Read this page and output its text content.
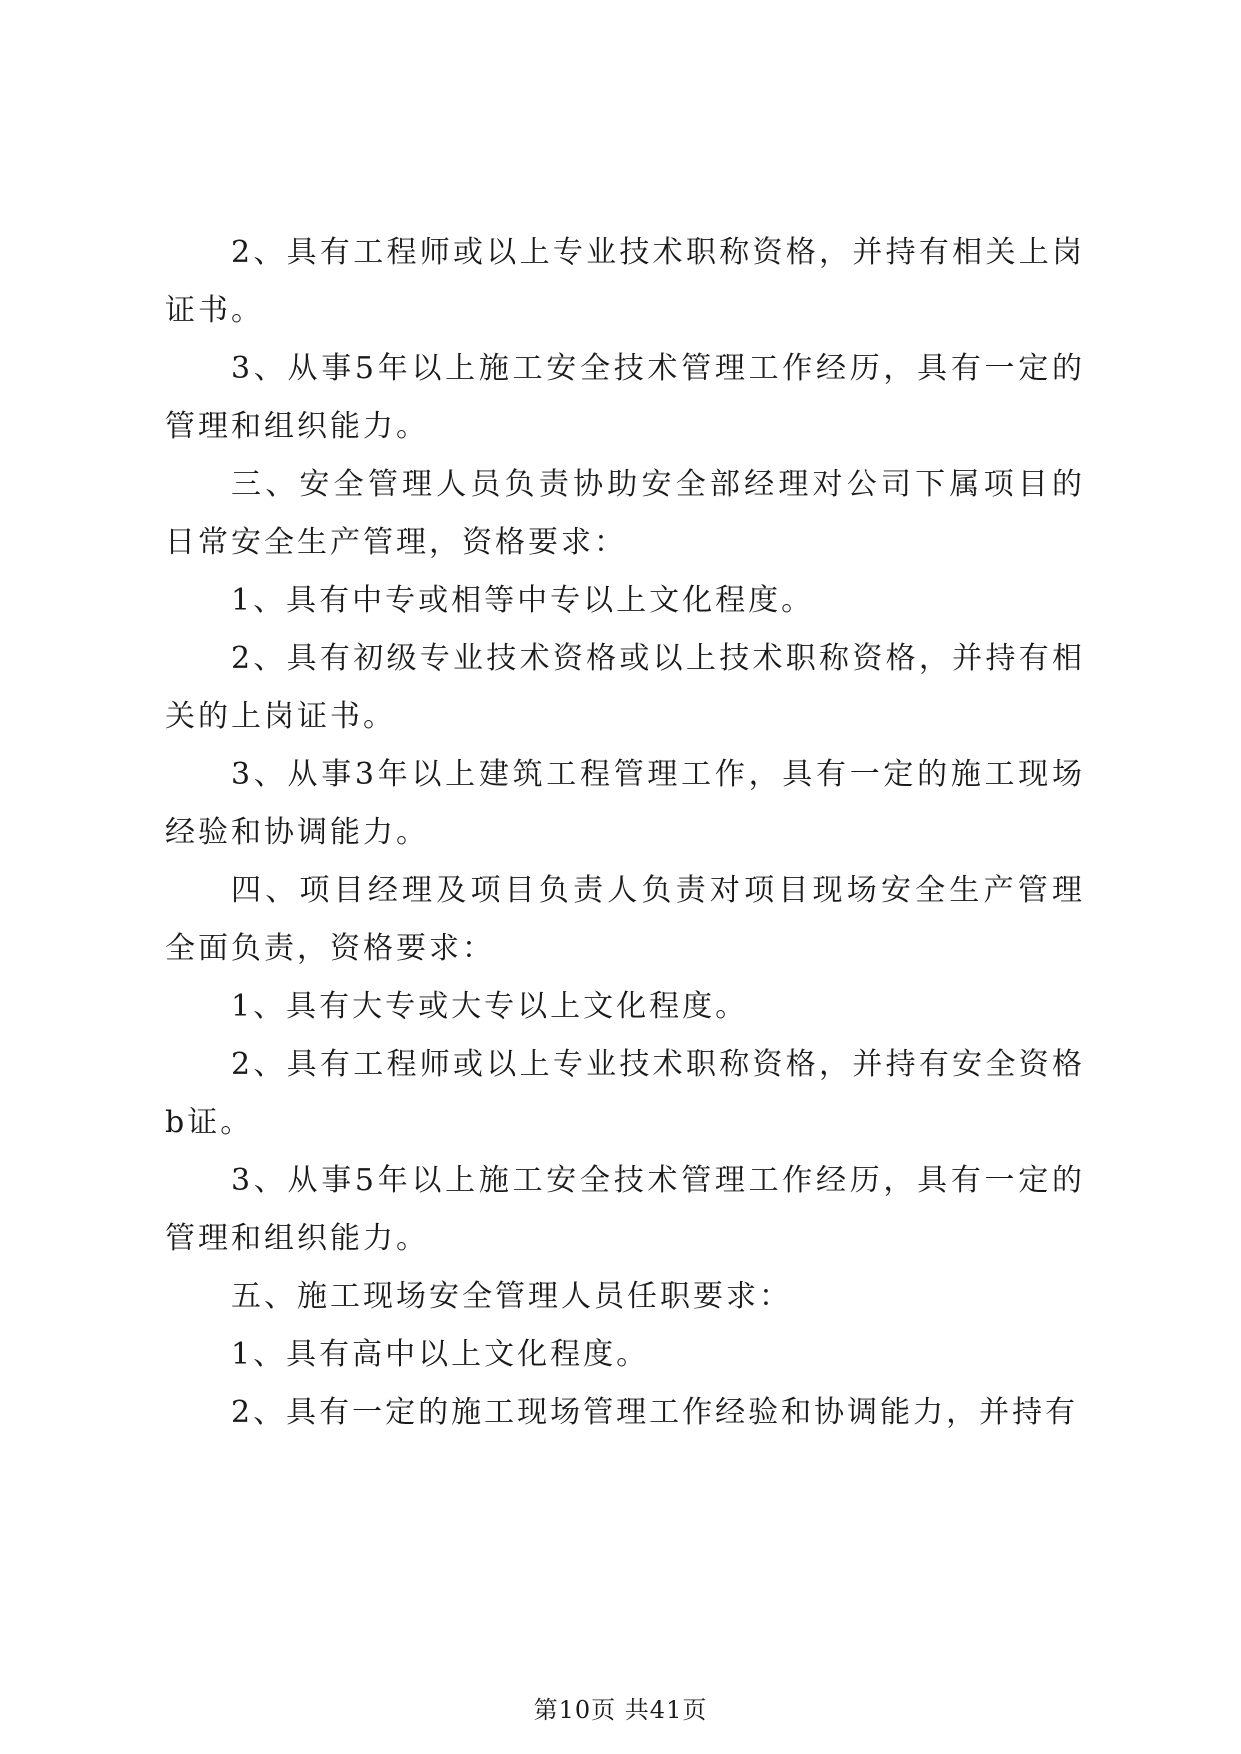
2、具有工程师或以上专业技术职称资格，并持有相关上岗证书。

3、从事5年以上施工安全技术管理工作经历，具有一定的管理和组织能力。

三、安全管理人员负责协助安全部经理对公司下属项目的日常安全生产管理，资格要求：

1、具有中专或相等中专以上文化程度。

2、具有初级专业技术资格或以上技术职称资格，并持有相关的上岗证书。

3、从事3年以上建筑工程管理工作，具有一定的施工现场经验和协调能力。

四、项目经理及项目负责人负责对项目现场安全生产管理全面负责，资格要求：

1、具有大专或大专以上文化程度。

2、具有工程师或以上专业技术职称资格，并持有安全资格b证。

3、从事5年以上施工安全技术管理工作经历，具有一定的管理和组织能力。

五、施工现场安全管理人员任职要求：

1、具有高中以上文化程度。

2、具有一定的施工现场管理工作经验和协调能力，并持有

第10页 共41页
